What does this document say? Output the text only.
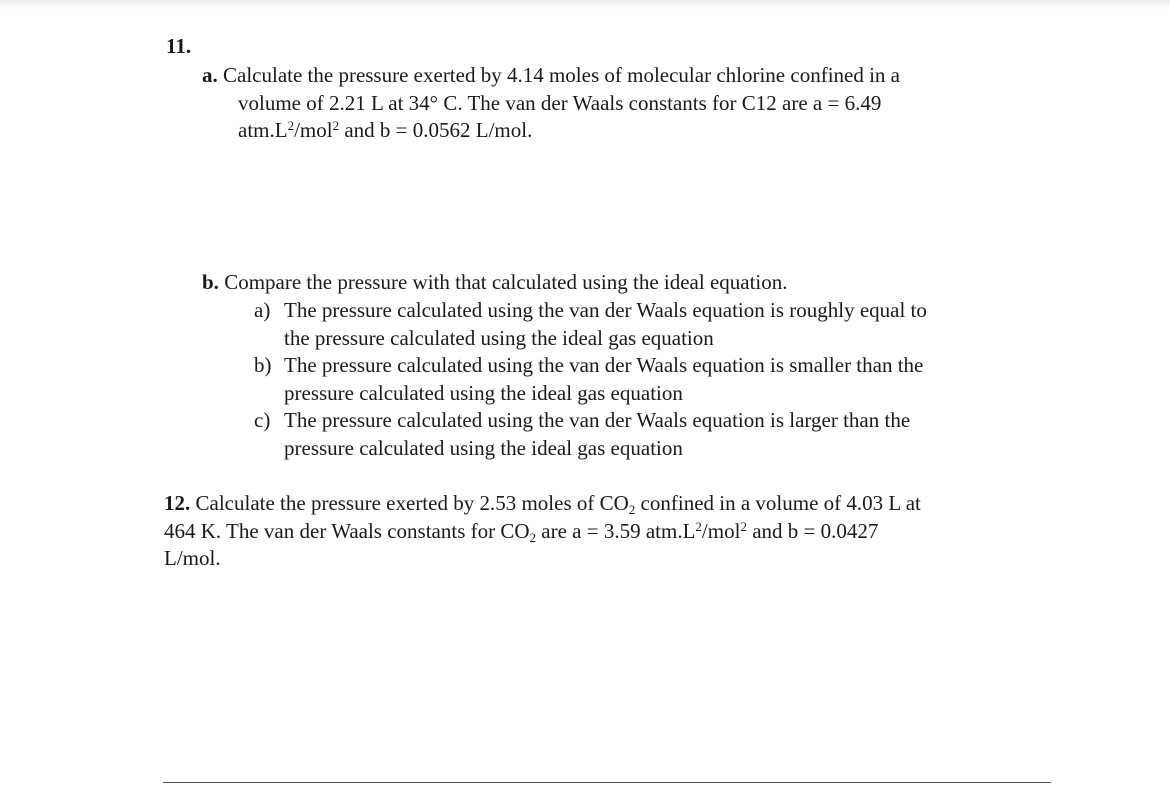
11.
a. Calculate the pressure exerted by 4.14 moles of molecular chlorine confined in a
volume of 2.21 L at 34° C. The van der Waals constants for C12 are a = 6.49
$atm.L^2/mol^2$ and b = 0.0562 L/mol.
b. Compare the pressure with that calculated using the ideal equation.
a) The pressure calculated using the van der Waals equation is roughly equal to
the pressure calculated using the ideal gas equation
b) The pressure calculated using the van der Waals equation is smaller than the
pressure calculated using the ideal gas equation
c) The pressure calculated using the van der Waals equation is larger than the
pressure calculated using the ideal gas equation
12. Calculate the pressure exerted by 2.53 moles of $CO_2$ confined in a volume of 4.03 L at
464 K. The van der Waals constants for $CO_2$ are a = 3.59 $atm.L^2/mol^2$ and b = 0.0427
L/mol.
